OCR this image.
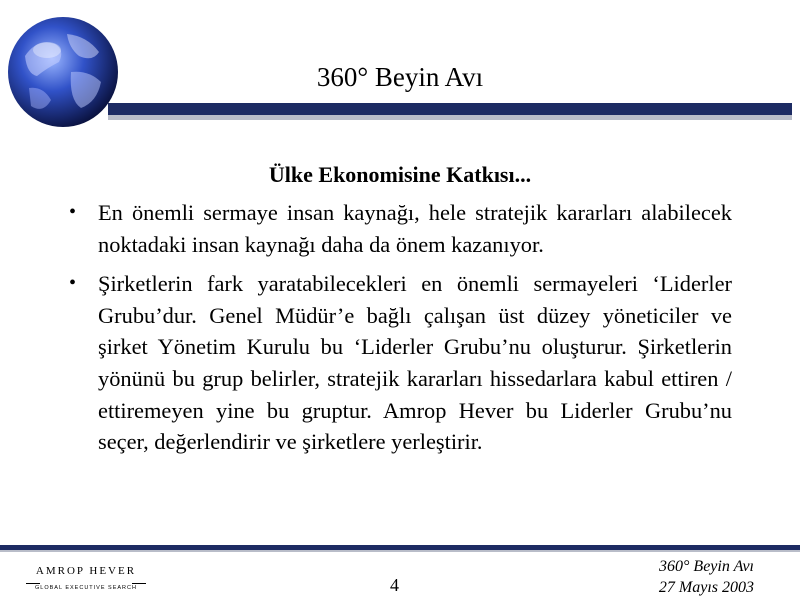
360° Beyin Avı
Ülke Ekonomisine Katkısı...
• En önemli sermaye insan kaynağı, hele stratejik kararları alabilecek noktadaki insan kaynağı daha da önem kazanıyor.
• Şirketlerin fark yaratabilecekleri en önemli sermayeleri ‘Liderler Grubu’dur. Genel Müdür’e bağlı çalışan üst düzey yöneticiler ve şirket Yönetim Kurulu bu ‘Liderler Grubu’nu oluşturur. Şirketlerin yönünü bu grup belirler, stratejik kararları hissedarlara kabul ettiren / ettiremeyen yine bu gruptur. Amrop Hever bu Liderler Grubu’nu seçer, değerlendirir ve şirketlere yerleştirir.
AMROP HEVER
GLOBAL EXECUTIVE SEARCH	4
360° Beyin Avı
27 Mayıs 2003
